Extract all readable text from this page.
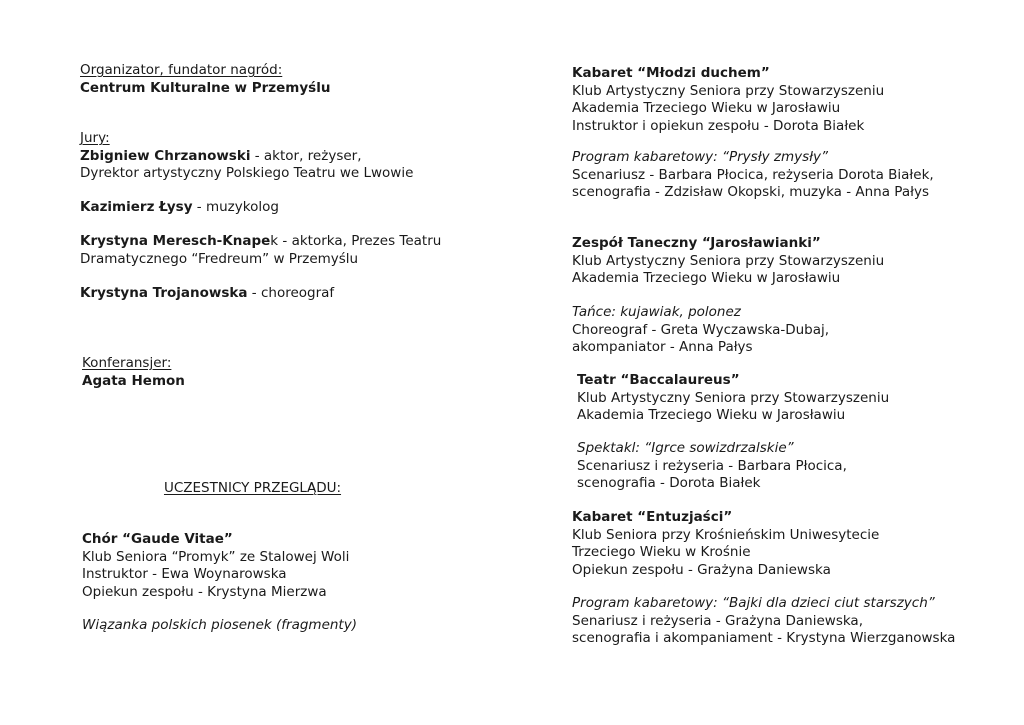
Organizator, fundator nagród:
Centrum Kulturalne w Przemyślu
Jury:
Zbigniew Chrzanowski - aktor, reżyser,
Dyrektor artystyczny Polskiego Teatru we Lwowie
Kazimierz Łysy - muzykolog
Krystyna Meresch-Knapek - aktorka, Prezes Teatru
Dramatycznego “Fredreum” w Przemyślu
Krystyna Trojanowska - choreograf
Konferansjer:
Agata Hemon
UCZESTNICY PRZEGLĄDU:
Chór “Gaude Vitae”
Klub Seniora “Promyk” ze Stalowej Woli
Instruktor - Ewa Woynarowska
Opiekun zespołu - Krystyna Mierzwa
Wiązanka polskich piosenek (fragmenty)
Kabaret “Młodzi duchem”
Klub Artystyczny Seniora przy Stowarzyszeniu
Akademia Trzeciego Wieku w Jarosławiu
Instruktor i opiekun zespołu - Dorota Białek
Program kabaretowy: “Prysły zmysły”
Scenariusz - Barbara Płocica, reżyseria Dorota Białek,
scenografia - Zdzisław Okopski, muzyka - Anna Pałys
Zespół Taneczny “Jarosławianki”
Klub Artystyczny Seniora przy Stowarzyszeniu
Akademia Trzeciego Wieku w Jarosławiu
Tańce: kujawiak, polonez
Choreograf - Greta Wyczawska-Dubaj,
akompaniator - Anna Pałys
Teatr “Baccalaureus”
Klub Artystyczny Seniora przy Stowarzyszeniu
Akademia Trzeciego Wieku w Jarosławiu
Spektakl: “Igrce sowizdrzalskie”
Scenariusz i reżyseria - Barbara Płocica,
scenografia - Dorota Białek
Kabaret “Entuzjaści”
Klub Seniora przy Krośnieńskim Uniwesytecie
Trzeciego Wieku w Krośnie
Opiekun zespołu - Grażyna Daniewska
Program kabaretowy: “Bajki dla dzieci ciut starszych”
Senariusz i reżyseria - Grażyna Daniewska,
scenografia i akompaniament - Krystyna Wierzganowska
